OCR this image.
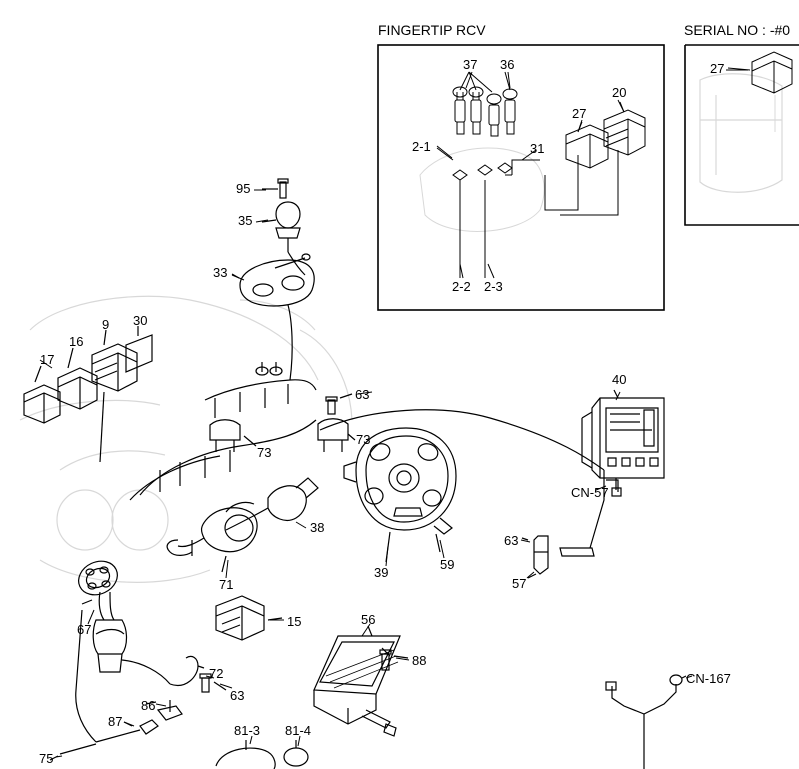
FINGERTIP RCV	SERIAL NO : -#0
37 36
2-1	31
27
20
2-2 2-3
27
95
35
33
17
16
9 30
63
73
73
40
CN-57
38
39
59
63
57
71
67
15	56
88
72
86
63
87
81-3 81-4
75
CN-167
